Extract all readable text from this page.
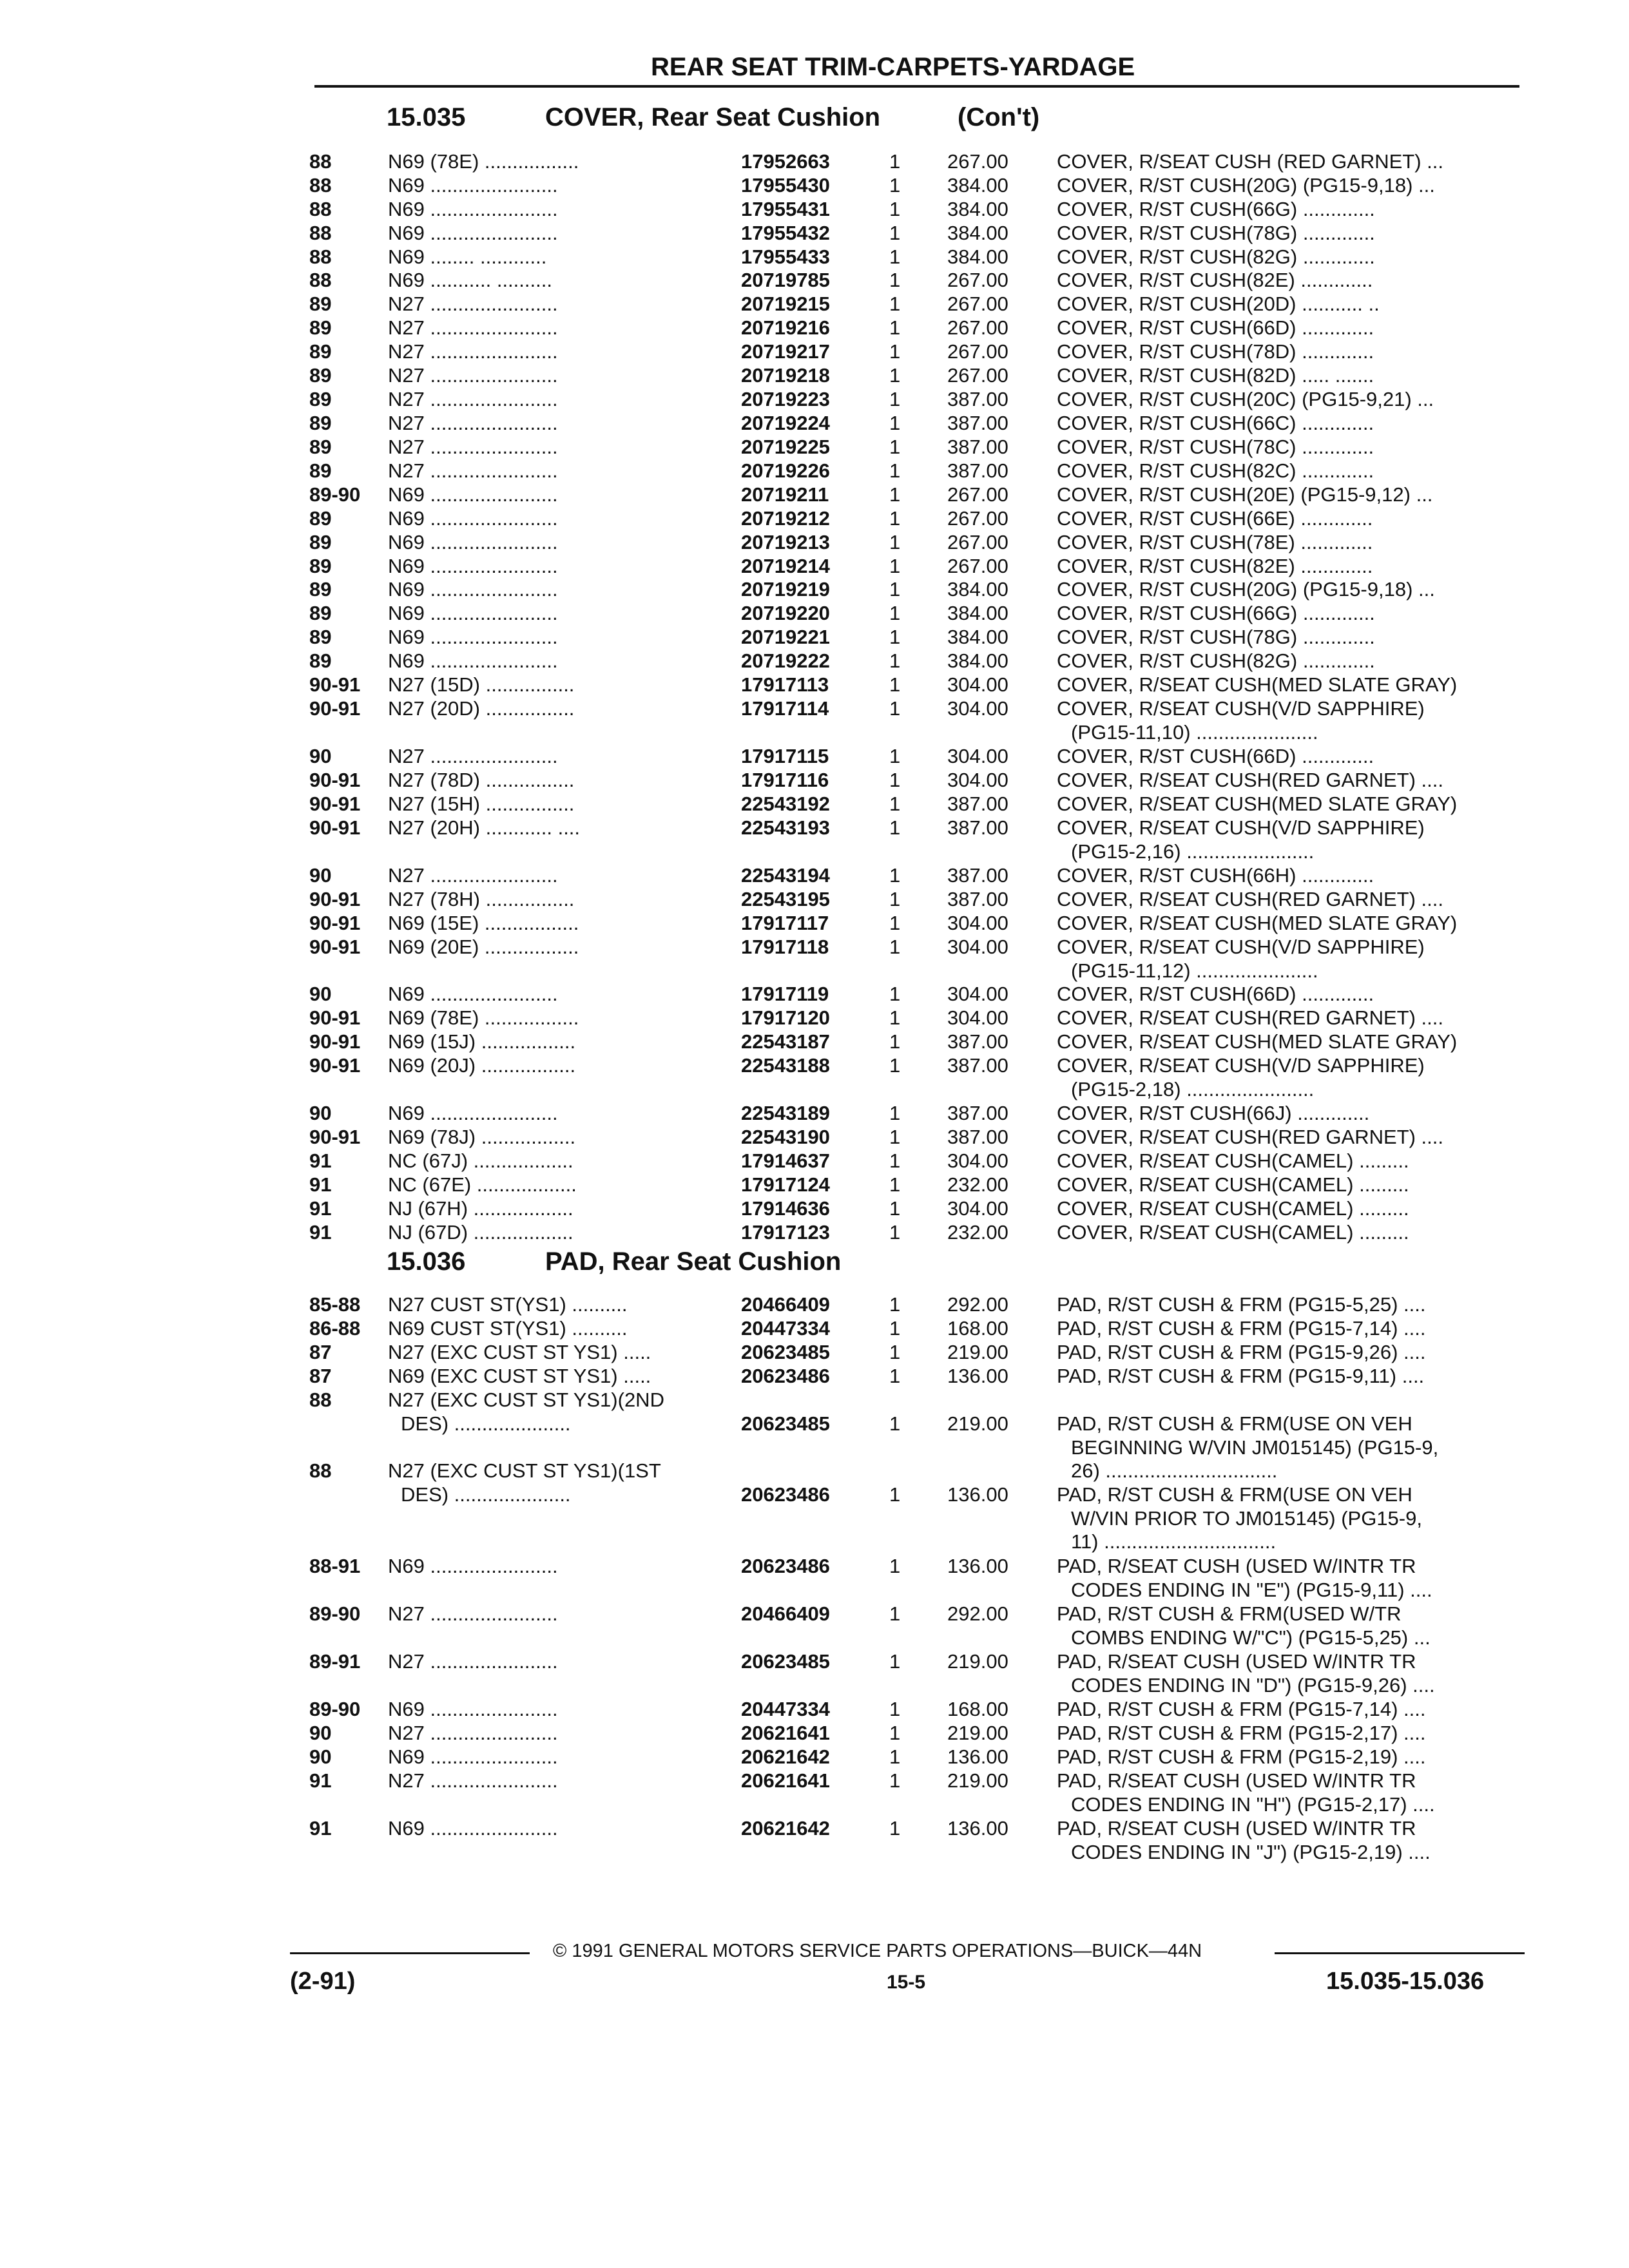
REAR SEAT TRIM-CARPETS-YARDAGE
15.035	COVER, Rear Seat Cushion	(Con't)
88	N69 (78E) .................	17952663	1 267.00 COVER, R/SEAT CUSH (RED GARNET) ...
88	N69 .......................	17955430	1 384.00 COVER, R/ST CUSH(20G) (PG15-9,18) ...
88	N69 .......................	17955431	1 384.00 COVER, R/ST CUSH(66G) .............
88	N69 .......................	17955432	1 384.00 COVER, R/ST CUSH(78G) .............
88	N69 ........ ............	17955433	1 384.00 COVER, R/ST CUSH(82G) .............
88	N69 ........... ..........	20719785	1 267.00 COVER, R/ST CUSH(82E) .............
89	N27 .......................	20719215	1 267.00 COVER, R/ST CUSH(20D) ........... ..
89	N27 .......................	20719216	1 267.00 COVER, R/ST CUSH(66D) .............
89	N27 .......................	20719217	1 267.00 COVER, R/ST CUSH(78D) .............
89	N27 .......................	20719218	1 267.00 COVER, R/ST CUSH(82D) ..... .......
89	N27 .......................	20719223	1 387.00 COVER, R/ST CUSH(20C) (PG15-9,21) ...
89	N27 .......................	20719224	1 387.00 COVER, R/ST CUSH(66C) .............
89	N27 .......................	20719225	1 387.00 COVER, R/ST CUSH(78C) .............
89	N27 .......................	20719226	1 387.00 COVER, R/ST CUSH(82C) .............
89-90 N69 .......................	20719211	1 267.00 COVER, R/ST CUSH(20E) (PG15-9,12) ...
89	N69 .......................	20719212	1 267.00 COVER, R/ST CUSH(66E) .............
89	N69 .......................	20719213	1 267.00 COVER, R/ST CUSH(78E) .............
89	N69 .......................	20719214	1 267.00 COVER, R/ST CUSH(82E) .............
89	N69 .......................	20719219	1 384.00 COVER, R/ST CUSH(20G) (PG15-9,18) ...
89	N69 .......................	20719220	1 384.00 COVER, R/ST CUSH(66G) .............
89	N69 .......................	20719221	1 384.00 COVER, R/ST CUSH(78G) .............
89	N69 .......................	20719222	1 384.00 COVER, R/ST CUSH(82G) .............
90-91 N27 (15D) ................	17917113	1 304.00 COVER, R/SEAT CUSH(MED SLATE GRAY)
90-91 N27 (20D) ................	17917114	1 304.00 COVER, R/SEAT CUSH(V/D SAPPHIRE)
(PG15-11,10) ......................
90	N27 .......................	17917115	1 304.00 COVER, R/ST CUSH(66D) .............
90-91 N27 (78D) ................	17917116	1 304.00 COVER, R/SEAT CUSH(RED GARNET) ....
90-91 N27 (15H) ................	22543192	1 387.00 COVER, R/SEAT CUSH(MED SLATE GRAY)
90-91 N27 (20H) ............ ....	22543193	1 387.00 COVER, R/SEAT CUSH(V/D SAPPHIRE)
(PG15-2,16) .......................
90	N27 .......................	22543194	1 387.00 COVER, R/ST CUSH(66H) .............
90-91 N27 (78H) ................	22543195	1 387.00 COVER, R/SEAT CUSH(RED GARNET) ....
90-91 N69 (15E) .................	17917117	1 304.00 COVER, R/SEAT CUSH(MED SLATE GRAY)
90-91 N69 (20E) .................	17917118	1 304.00 COVER, R/SEAT CUSH(V/D SAPPHIRE)
(PG15-11,12) ......................
90	N69 .......................	17917119	1 304.00 COVER, R/ST CUSH(66D) .............
90-91 N69 (78E) .................	17917120	1 304.00 COVER, R/SEAT CUSH(RED GARNET) ....
90-91 N69 (15J) .................	22543187	1 387.00 COVER, R/SEAT CUSH(MED SLATE GRAY)
90-91 N69 (20J) .................	22543188	1 387.00 COVER, R/SEAT CUSH(V/D SAPPHIRE)
(PG15-2,18) .......................
90	N69 .......................	22543189	1 387.00 COVER, R/ST CUSH(66J) .............
90-91 N69 (78J) .................	22543190	1 387.00 COVER, R/SEAT CUSH(RED GARNET) ....
91	NC (67J) ..................	17914637	1 304.00 COVER, R/SEAT CUSH(CAMEL) .........
91	NC (67E) ..................	17917124	1 232.00 COVER, R/SEAT CUSH(CAMEL) .........
91	NJ (67H) ..................	17914636	1 304.00 COVER, R/SEAT CUSH(CAMEL) .........
91	NJ (67D) ..................	17917123	1 232.00 COVER, R/SEAT CUSH(CAMEL) .........
15.036	PAD, Rear Seat Cushion
85-88 N27 CUST ST(YS1) ..........	20466409	1 292.00 PAD, R/ST CUSH & FRM (PG15-5,25) ....
86-88 N69 CUST ST(YS1) ..........	20447334	1 168.00 PAD, R/ST CUSH & FRM (PG15-7,14) ....
87	N27 (EXC CUST ST YS1) .....	20623485	1 219.00 PAD, R/ST CUSH & FRM (PG15-9,26) ....
87	N69 (EXC CUST ST YS1) .....	20623486	1 136.00 PAD, R/ST CUSH & FRM (PG15-9,11) ....
88	N27 (EXC CUST ST YS1)(2ND
DES) .....................	20623485	1 219.00 PAD, R/ST CUSH & FRM(USE ON VEH
BEGINNING W/VIN JM015145) (PG15-9,
26) ...............................
88	N27 (EXC CUST ST YS1)(1ST
DES) .....................	20623486	1 136.00 PAD, R/ST CUSH & FRM(USE ON VEH
W/VIN PRIOR TO JM015145) (PG15-9,
11) ...............................
88-91 N69 .......................	20623486	1 136.00 PAD, R/SEAT CUSH (USED W/INTR TR
CODES ENDING IN "E") (PG15-9,11) ....
89-90 N27 .......................	20466409	1 292.00 PAD, R/ST CUSH & FRM(USED W/TR
COMBS ENDING W/"C") (PG15-5,25) ...
89-91 N27 .......................	20623485	1 219.00 PAD, R/SEAT CUSH (USED W/INTR TR
CODES ENDING IN "D") (PG15-9,26) ....
89-90 N69 .......................	20447334	1 168.00 PAD, R/ST CUSH & FRM (PG15-7,14) ....
90	N27 .......................	20621641	1 219.00 PAD, R/ST CUSH & FRM (PG15-2,17) ....
90	N69 .......................	20621642	1 136.00 PAD, R/ST CUSH & FRM (PG15-2,19) ....
91	N27 .......................	20621641	1 219.00 PAD, R/SEAT CUSH (USED W/INTR TR
CODES ENDING IN "H") (PG15-2,17) ....
91	N69 .......................	20621642	1 136.00 PAD, R/SEAT CUSH (USED W/INTR TR
CODES ENDING IN "J") (PG15-2,19) ....
© 1991 GENERAL MOTORS SERVICE PARTS OPERATIONS—BUICK—44N
(2-91)	15-5	15.035-15.036
